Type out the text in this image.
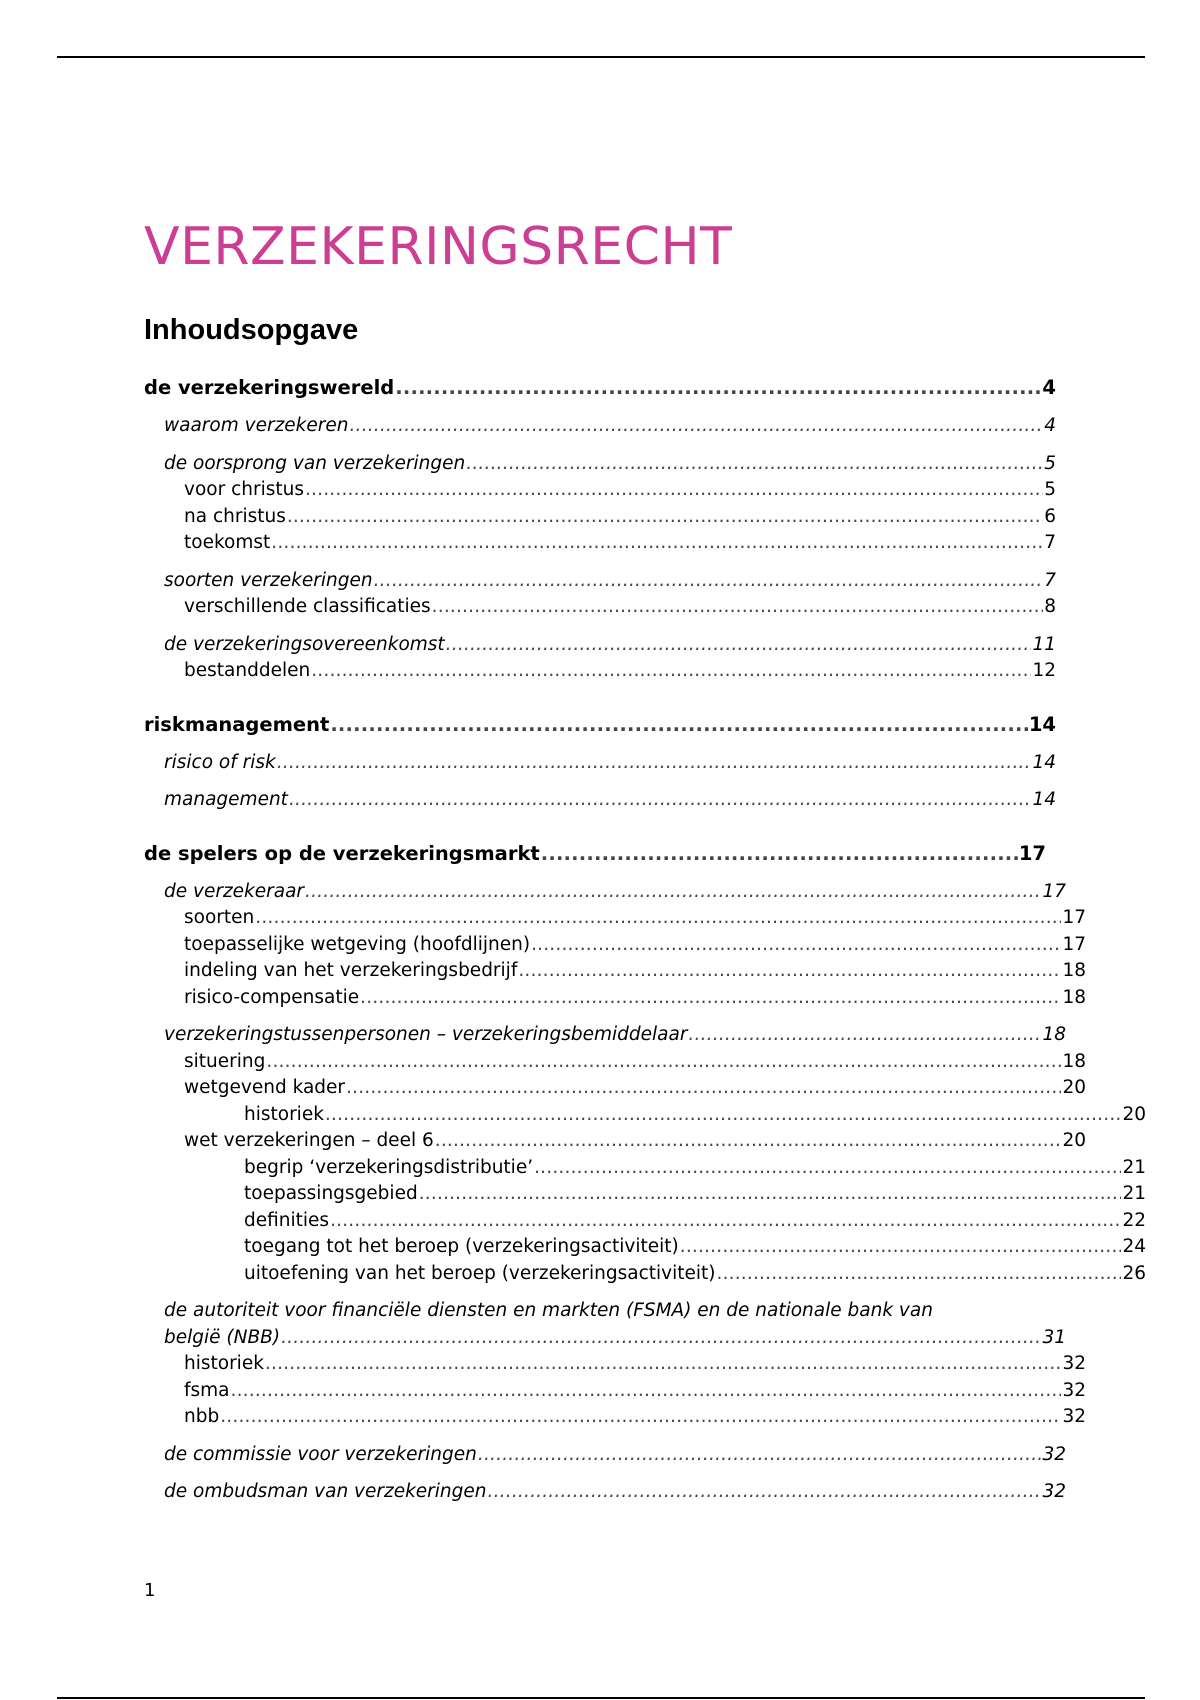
VERZEKERINGSRECHT
Inhoudsopgave
de verzekeringswereld .....	4
waarom verzekeren .....	4
de oorsprong van verzekeringen .....	5
voor christus .....	5
na christus .....	6
toekomst .....	7
soorten verzekeringen .....	7
verschillende classificaties .....	8
de verzekeringsovereenkomst .....	11
bestanddelen .....	12
riskmanagement .....	14
risico of risk .....	14
management .....	14
de spelers op de verzekeringsmarkt .....	17
de verzekeraar .....	17
soorten .....	17
toepasselijke wetgeving (hoofdlijnen) .....	17
indeling van het verzekeringsbedrijf .....	18
risico-compensatie .....	18
verzekeringstussenpersonen – verzekeringsbemiddelaar .....	18
situering .....	18
wetgevend kader .....	20
historiek .....	20
wet verzekeringen – deel 6 .....	20
begrip ‘verzekeringsdistributie’ .....	21
toepassingsgebied .....	21
definities .....	22
toegang tot het beroep (verzekeringsactiviteit) .....	24
uitoefening van het beroep (verzekeringsactiviteit) .....	26
de autoriteit voor financiële diensten en markten (FSMA) en de nationale bank van
belgië (NBB) .....	31
historiek .....	32
fsma .....	32
nbb .....	32
de commissie voor verzekeringen .....	32
de ombudsman van verzekeringen .....	32
1
